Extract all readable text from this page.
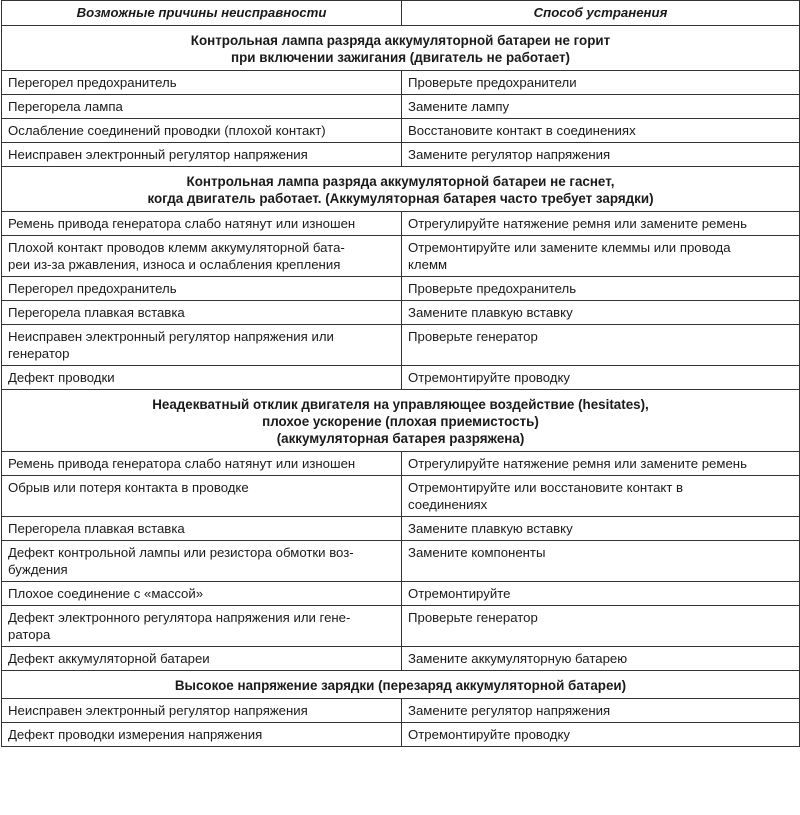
Возможные причины неисправности	Способ устранения

Контрольная лампа разряда аккумуляторной батареи не горит
при включении зажигания (двигатель не работает)	

Перегорел предохранитель	Проверьте предохранители

Перегорела лампа	Замените лампу

Ослабление соединений проводки (плохой контакт)	Восстановите контакт в соединениях

Неисправен электронный регулятор напряжения	Замените регулятор напряжения

Контрольная лампа разряда аккумуляторной батареи не гаснет,
когда двигатель работает. (Аккумуляторная батарея часто требует зарядки)	

Ремень привода генератора слабо натянут или изношен	Отрегулируйте натяжение ремня или замените ремень

Плохой контакт проводов клемм аккумуляторной бата-
реи из-за ржавления, износа и ослабления крепления	Отремонтируйте или замените клеммы или провода
клемм

Перегорел предохранитель	Проверьте предохранитель

Перегорела плавкая вставка	Замените плавкую вставку

Неисправен электронный регулятор напряжения или
генератор	Проверьте генератор

Дефект проводки	Отремонтируйте проводку

Неадекватный отклик двигателя на управляющее воздействие (hesitates),
плохое ускорение (плохая приемистость)
(аккумуляторная батарея разряжена)	

Ремень привода генератора слабо натянут или изношен	Отрегулируйте натяжение ремня или замените ремень

Обрыв или потеря контакта в проводке	Отремонтируйте или восстановите контакт в
соединениях

Перегорела плавкая вставка	Замените плавкую вставку

Дефект контрольной лампы или резистора обмотки воз-
буждения	Замените компоненты

Плохое соединение с «массой»	Отремонтируйте

Дефект электронного регулятора напряжения или гене-
ратора	Проверьте генератор

Дефект аккумуляторной батареи	Замените аккумуляторную батарею

Высокое напряжение зарядки (перезаряд аккумуляторной батареи)	

Неисправен электронный регулятор напряжения	Замените регулятор напряжения

Дефект проводки измерения напряжения	Отремонтируйте проводку
